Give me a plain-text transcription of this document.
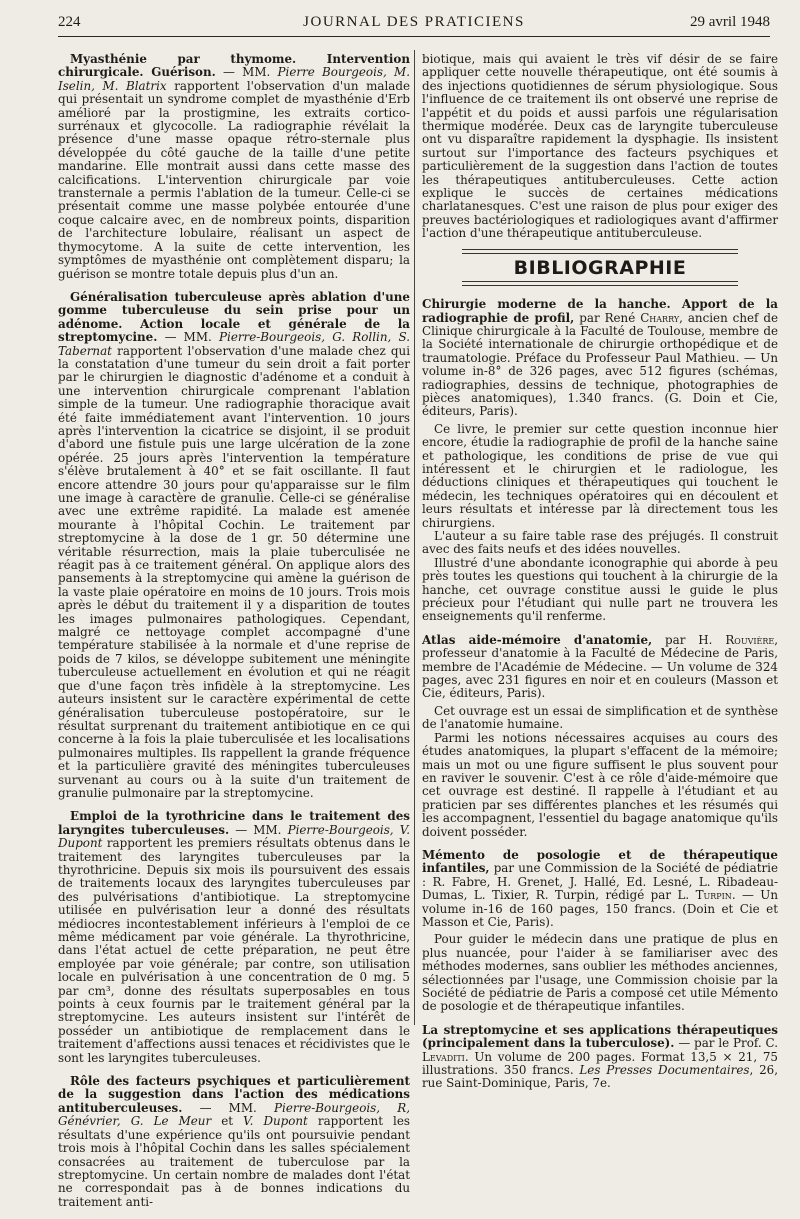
224	JOURNAL DES PRATICIENS	29 avril 1948

Myasthénie par thymome. Intervention chirurgicale. Guérison. — MM. Pierre Bourgeois, M. Iselin, M. Blatrix rapportent l'observation d'un malade qui présentait un syndrome complet de myasthénie d'Erb amélioré par la prostigmine, les extraits cortico-surrénaux et glycocolle. La radiographie révélait la présence d'une masse opaque rétro-sternale plus développée du côté gauche de la taille d'une petite mandarine. Elle montrait aussi dans cette masse des calcifications. L'intervention chirurgicale par voie transternale a permis l'ablation de la tumeur. Celle-ci se présentait comme une masse polybée entourée d'une coque calcaire avec, en de nombreux points, disparition de l'architecture lobulaire, réalisant un aspect de thymocytome. A la suite de cette intervention, les symptômes de myasthénie ont complètement disparu; la guérison se montre totale depuis plus d'un an.

Généralisation tuberculeuse après ablation d'une gomme tuberculeuse du sein prise pour un adénome. Action locale et générale de la streptomycine. — MM. Pierre-Bourgeois, G. Rollin, S. Tabernat rapportent l'observation d'une malade chez qui la constatation d'une tumeur du sein droit a fait porter par le chirurgien le diagnostic d'adénome et a conduit à une intervention chirurgicale comprenant l'ablation simple de la tumeur. Une radiographie thoracique avait été faite immédiatement avant l'intervention. 10 jours après l'intervention la cicatrice se disjoint, il se produit d'abord une fistule puis une large ulcération de la zone opérée. 25 jours après l'intervention la température s'élève brutalement à 40° et se fait oscillante. Il faut encore attendre 30 jours pour qu'apparaisse sur le film une image à caractère de granulie. Celle-ci se généralise avec une extrême rapidité. La malade est amenée mourante à l'hôpital Cochin. Le traitement par streptomycine à la dose de 1 gr. 50 détermine une véritable résurrection, mais la plaie tuberculisée ne réagit pas à ce traitement général. On applique alors des pansements à la streptomycine qui amène la guérison de la vaste plaie opératoire en moins de 10 jours. Trois mois après le début du traitement il y a disparition de toutes les images pulmonaires pathologiques. Cependant, malgré ce nettoyage complet accompagné d'une température stabilisée à la normale et d'une reprise de poids de 7 kilos, se développe subitement une méningite tuberculeuse actuellement en évolution et qui ne réagit que d'une façon très infidèle à la streptomycine. Les auteurs insistent sur le caractère expérimental de cette généralisation tuberculeuse postopératoire, sur le résultat surprenant du traitement antibiotique en ce qui concerne à la fois la plaie tuberculisée et les localisations pulmonaires multiples. Ils rappellent la grande fréquence et la particulière gravité des méningites tuberculeuses survenant au cours ou à la suite d'un traitement de granulie pulmonaire par la streptomycine.

Emploi de la tyrothricine dans le traitement des laryngites tuberculeuses. — MM. Pierre-Bourgeois, V. Dupont rapportent les premiers résultats obtenus dans le traitement des laryngites tuberculeuses par la thyrothricine. Depuis six mois ils poursuivent des essais de traitements locaux des laryngites tuberculeuses par des pulvérisations d'antibiotique. La streptomycine utilisée en pulvérisation leur a donné des résultats médiocres incontestablement inférieurs à l'emploi de ce même médicament par voie générale. La thyrothricine, dans l'état actuel de cette préparation, ne peut être employée par voie générale; par contre, son utilisation locale en pulvérisation à une concentration de 0 mg. 5 par cm³, donne des résultats superposables en tous points à ceux fournis par le traitement général par la streptomycine. Les auteurs insistent sur l'intérêt de posséder un antibiotique de remplacement dans le traitement d'affections aussi tenaces et récidivistes que le sont les laryngites tuberculeuses.

Rôle des facteurs psychiques et particulièrement de la suggestion dans l'action des médications antituberculeuses. — MM. Pierre-Bourgeois, R, Génévrier, G. Le Meur et V. Dupont rapportent les résultats d'une expérience qu'ils ont poursuivie pendant trois mois à l'hôpital Cochin dans les salles spécialement consacrées au traitement de tuberculose par la streptomycine. Un certain nombre de malades dont l'état ne correspondait pas à de bonnes indications du traitement anti-

biotique, mais qui avaient le très vif désir de se faire appliquer cette nouvelle thérapeutique, ont été soumis à des injections quotidiennes de sérum physiologique. Sous l'influence de ce traitement ils ont observé une reprise de l'appétit et du poids et aussi parfois une régularisation thermique modérée. Deux cas de laryngite tuberculeuse ont vu disparaître rapidement la dysphagie. Ils insistent surtout sur l'importance des facteurs psychiques et particulièrement de la suggestion dans l'action de toutes les thérapeutiques antituberculeuses. Cette action explique le succès de certaines médications charlatanesques. C'est une raison de plus pour exiger des preuves bactériologiques et radiologiques avant d'affirmer l'action d'une thérapeutique antituberculeuse.

BIBLIOGRAPHIE

Chirurgie moderne de la hanche. Apport de la radiographie de profil, par René Charry, ancien chef de Clinique chirurgicale à la Faculté de Toulouse, membre de la Société internationale de chirurgie orthopédique et de traumatologie. Préface du Professeur Paul Mathieu. — Un volume in-8° de 326 pages, avec 512 figures (schémas, radiographies, dessins de technique, photographies de pièces anatomiques), 1.340 francs. (G. Doin et Cie, éditeurs, Paris).

Ce livre, le premier sur cette question inconnue hier encore, étudie la radiographie de profil de la hanche saine et pathologique, les conditions de prise de vue qui intéressent et le chirurgien et le radiologue, les déductions cliniques et thérapeutiques qui touchent le médecin, les techniques opératoires qui en découlent et leurs résultats et intéresse par là directement tous les chirurgiens.

L'auteur a su faire table rase des préjugés. Il construit avec des faits neufs et des idées nouvelles.

Illustré d'une abondante iconographie qui aborde à peu près toutes les questions qui touchent à la chirurgie de la hanche, cet ouvrage constitue aussi le guide le plus précieux pour l'étudiant qui nulle part ne trouvera les enseignements qu'il renferme.

Atlas aide-mémoire d'anatomie, par H. Rouvière, professeur d'anatomie à la Faculté de Médecine de Paris, membre de l'Académie de Médecine. — Un volume de 324 pages, avec 231 figures en noir et en couleurs (Masson et Cie, éditeurs, Paris).

Cet ouvrage est un essai de simplification et de synthèse de l'anatomie humaine.

Parmi les notions nécessaires acquises au cours des études anatomiques, la plupart s'effacent de la mémoire; mais un mot ou une figure suffisent le plus souvent pour en raviver le souvenir. C'est à ce rôle d'aide-mémoire que cet ouvrage est destiné. Il rappelle à l'étudiant et au praticien par ses différentes planches et les résumés qui les accompagnent, l'essentiel du bagage anatomique qu'ils doivent posséder.

Mémento de posologie et de thérapeutique infantiles, par une Commission de la Société de pédiatrie : R. Fabre, H. Grenet, J. Hallé, Ed. Lesné, L. Ribadeau-Dumas, L. Tixier, R. Turpin, rédigé par L. Turpin. — Un volume in-16 de 160 pages, 150 francs. (Doin et Cie et Masson et Cie, Paris).

Pour guider le médecin dans une pratique de plus en plus nuancée, pour l'aider à se familiariser avec des méthodes modernes, sans oublier les méthodes anciennes, sélectionnées par l'usage, une Commission choisie par la Société de pédiatrie de Paris a composé cet utile Mémento de posologie et de thérapeutique infantiles.

La streptomycine et ses applications thérapeutiques (principalement dans la tuberculose). — par le Prof. C. Levaditi. Un volume de 200 pages. Format 13,5 × 21, 75 illustrations. 350 francs. Les Presses Documentaires, 26, rue Saint-Dominique, Paris, 7e.
